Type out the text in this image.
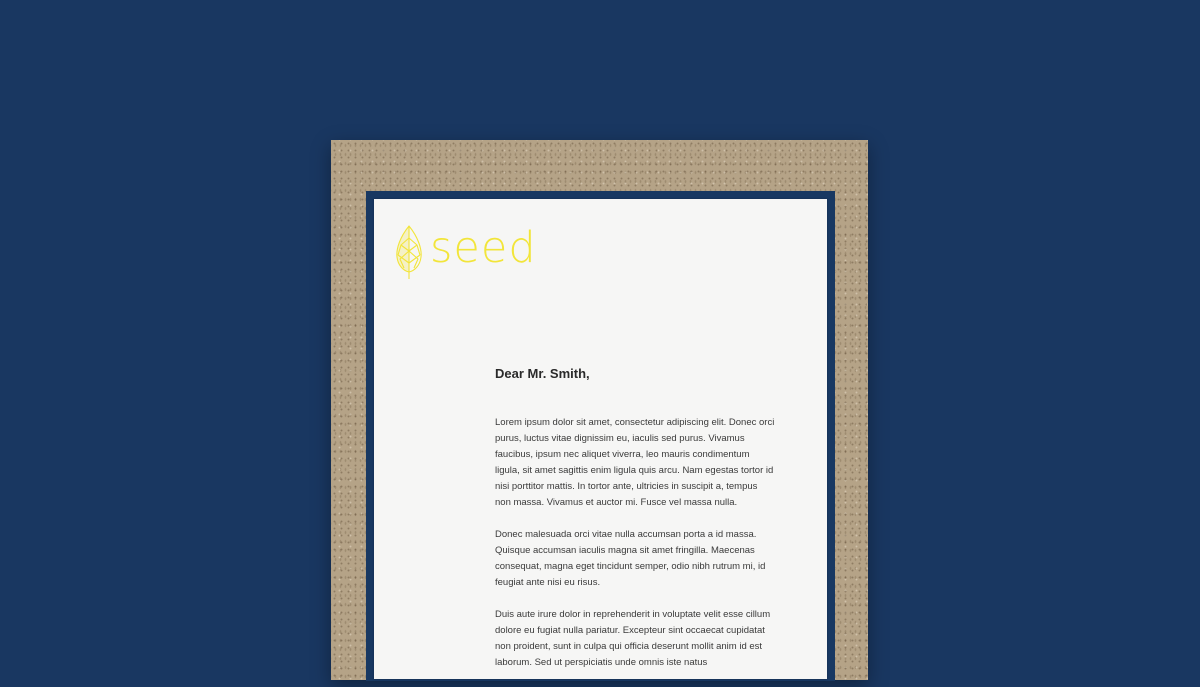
seed
Dear Mr. Smith,

Lorem ipsum dolor sit amet, consectetur adipiscing elit. Donec orci purus, luctus vitae dignissim eu, iaculis sed purus. Vivamus faucibus, ipsum nec aliquet viverra, leo mauris condimentum ligula, sit amet sagittis enim ligula quis arcu. Nam egestas tortor id nisi porttitor mattis. In tortor ante, ultricies in suscipit a, tempus non massa. Vivamus et auctor mi. Fusce vel massa nulla.

Donec malesuada orci vitae nulla accumsan porta a id massa. Quisque accumsan iaculis magna sit amet fringilla. Maecenas consequat, magna eget tincidunt semper, odio nibh rutrum mi, id feugiat ante nisi eu risus.

Duis aute irure dolor in reprehenderit in voluptate velit esse cillum dolore eu fugiat nulla pariatur. Excepteur sint occaecat cupidatat non proident, sunt in culpa qui officia deserunt mollit anim id est laborum. Sed ut perspiciatis unde omnis iste natus
